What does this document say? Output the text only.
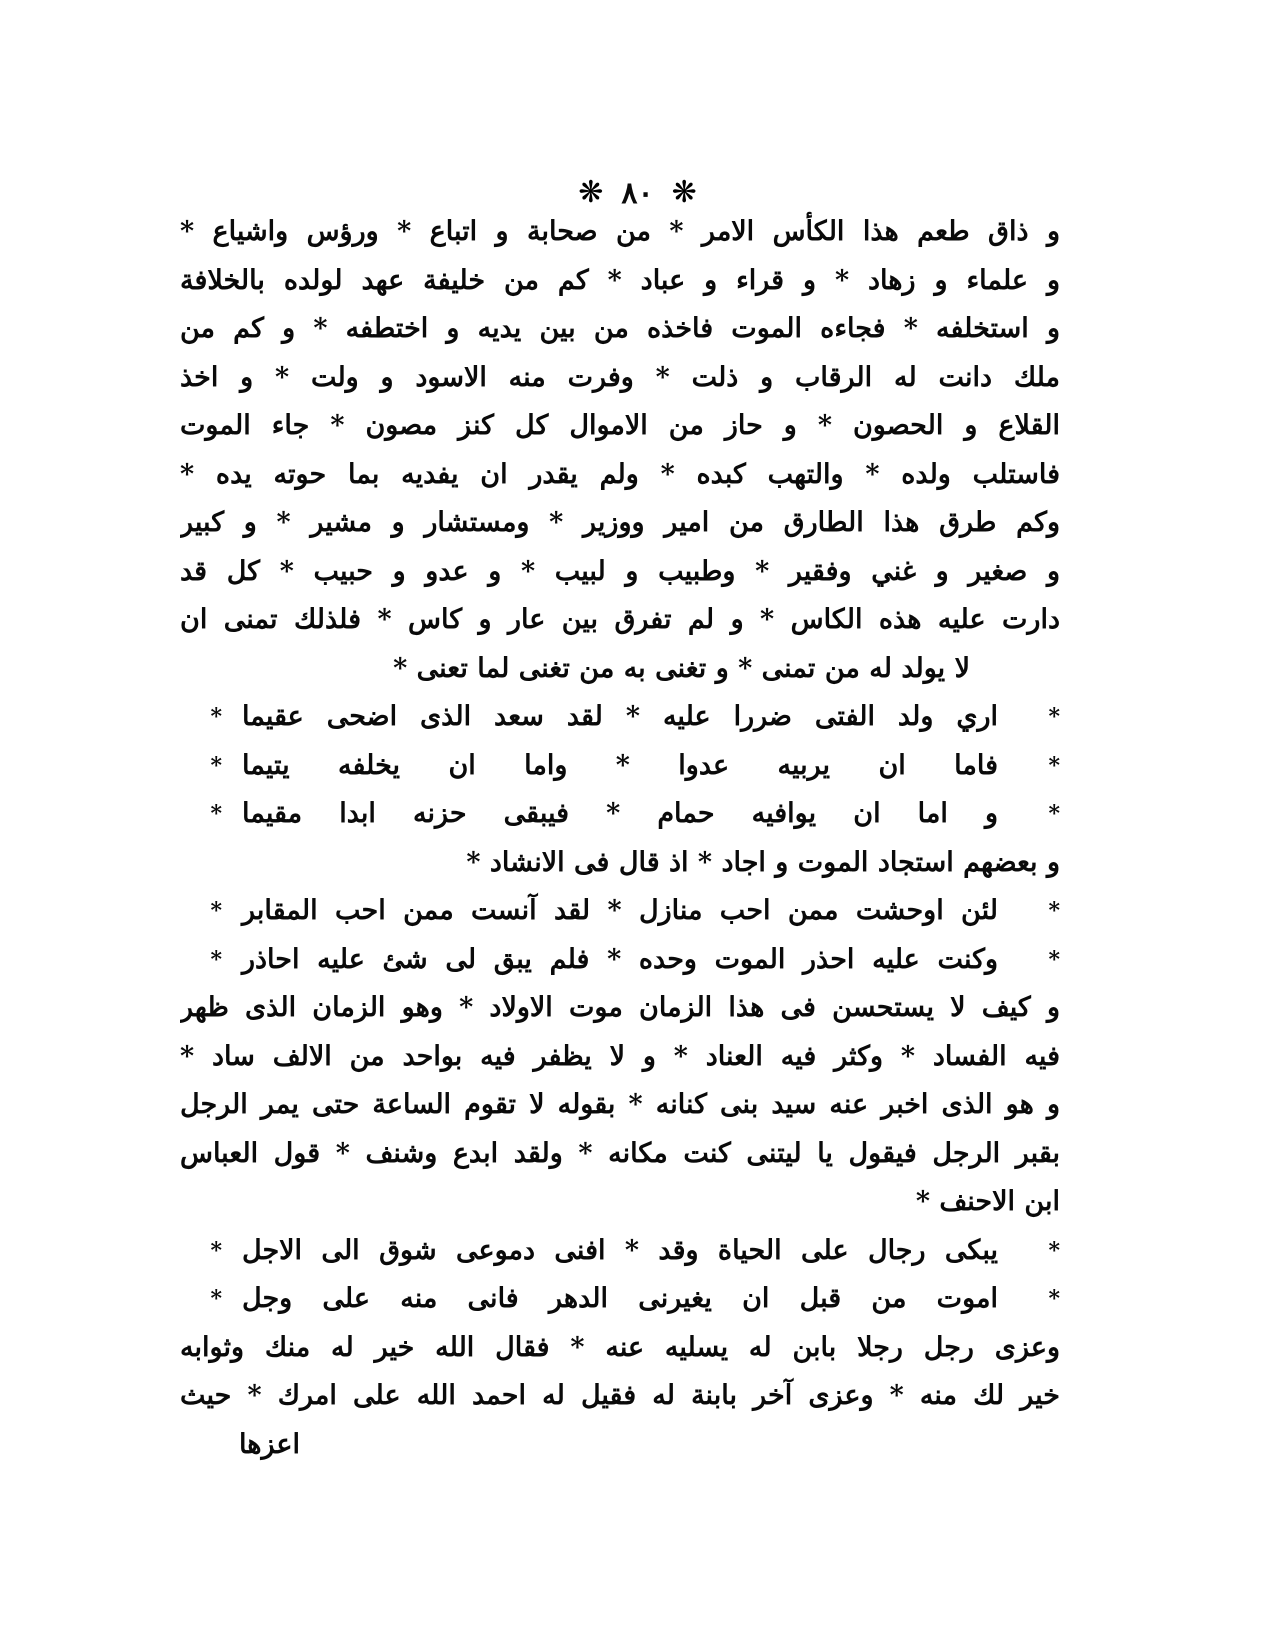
❋ ٨٠ ❋
و ذاق طعم هذا الكأس الامر * من صحابة و اتباع * ورؤس واشياع *
و علماء و زهاد * و قراء و عباد * كم من خليفة عهد لولده بالخلافة
و استخلفه * فجاءه الموت فاخذه من بين يديه و اختطفه * و كم من
ملك دانت له الرقاب و ذلت * وفرت منه الاسود و ولت * و اخذ
القلاع و الحصون * و حاز من الاموال كل كنز مصون * جاء الموت
فاستلب ولده * والتهب كبده * ولم يقدر ان يفديه بما حوته يده *
وكم طرق هذا الطارق من امير ووزير * ومستشار و مشير * و كبير
و صغير و غني وفقير * وطبيب و لبيب * و عدو و حبيب * كل قد
دارت عليه هذه الكاس * و لم تفرق بين عار و كاس * فلذلك تمنى ان
لا يولد له من تمنى * و تغنى به من تغنى لما تعنى *
*
اري ولد الفتى ضررا عليه * لقد سعد الذى اضحى عقيما
*
*
فاما ان يربيه عدوا * واما ان يخلفه يتيما
*
*
و اما ان يوافيه حمام * فيبقى حزنه ابدا مقيما
*
و بعضهم استجاد الموت و اجاد * اذ قال فى الانشاد *
*
لئن اوحشت ممن احب منازل * لقد آنست ممن احب المقابر
*
*
وكنت عليه احذر الموت وحده * فلم يبق لى شئ عليه احاذر
*
و كيف لا يستحسن فى هذا الزمان موت الاولاد * وهو الزمان الذى ظهر
فيه الفساد * وكثر فيه العناد * و لا يظفر فيه بواحد من الالف ساد *
و هو الذى اخبر عنه سيد بنى كنانه * بقوله لا تقوم الساعة حتى يمر الرجل
بقبر الرجل فيقول يا ليتنى كنت مكانه * ولقد ابدع وشنف * قول العباس
ابن الاحنف *
*
يبكى رجال على الحياة وقد * افنى دموعى شوق الى الاجل
*
*
اموت من قبل ان يغيرنى الدهر فانى منه على وجل
*
وعزى رجل رجلا بابن له يسليه عنه * فقال الله خير له منك وثوابه
خير لك منه * وعزى آخر بابنة له فقيل له احمد الله على امرك * حيث
اعزها
